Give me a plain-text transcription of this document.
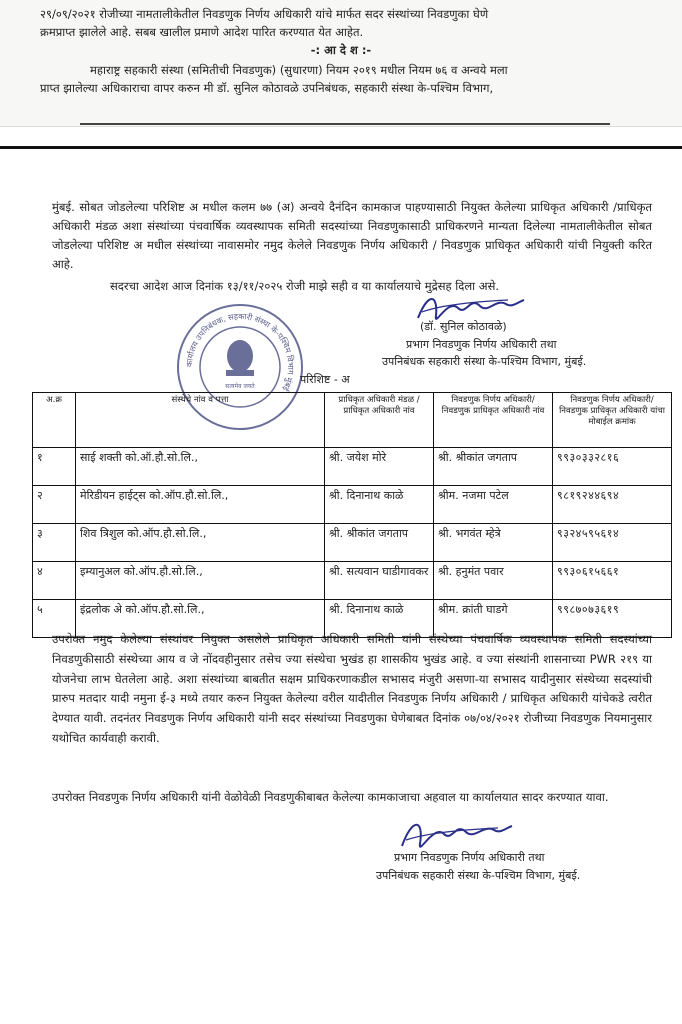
२९/०९/२०२१ रोजीच्या नामतालीकेतील निवडणुक निर्णय अधिकारी यांचे मार्फत सदर संस्थांच्या निवडणुका घेणे

क्रमप्राप्त झालेले आहे. सबब खालील प्रमाणे आदेश पारित करण्यात येत आहेत.

-: आ दे श :-

महाराष्ट्र सहकारी संस्था (समितीची निवडणुक) (सुधारणा) नियम २०१९ मधील नियम ७६ व अन्वये मला

प्राप्त झालेल्या अधिकाराचा वापर करुन मी डॉ. सुनिल कोठावळे उपनिबंधक, सहकारी संस्था के-पश्चिम विभाग,

मुंबई. सोबत जोडलेल्या परिशिष्ट अ मधील कलम ७७ (अ) अन्वये दैनंदिन कामकाज पाहण्यासाठी नियुक्त केलेल्या प्राधिकृत अधिकारी /प्राधिकृत अधिकारी मंडळ अशा संस्थांच्या पंचवार्षिक व्यवस्थापक समिती सदस्यांच्या निवडणुकासाठी प्राधिकरणने मान्यता दिलेल्या नामतालीकेतील सोबत जोडलेल्या परिशिष्ट अ मधील संस्थांच्या नावासमोर नमुद केलेले निवडणुक निर्णय अधिकारी / निवडणुक प्राधिकृत अधिकारी यांची नियुक्ती करित आहे.

सदरचा आदेश आज दिनांक १३/११/२०२५ रोजी माझे सही व या कार्यालयाचे मुद्रेसह दिला असे.

कार्यालय उपनिबंधक, सहकारी संस्था के-पश्चिम विभाग मुंबई
सत्यमेव जयते
(डॉ. सुनिल कोठावळे)
प्रभाग निवडणुक निर्णय अधिकारी तथा
उपनिबंधक सहकारी संस्था के-पश्चिम विभाग, मुंबई.
परिशिष्ट - अ
अ.क्र	संस्थेचे नांव व पत्ता	प्राधिकृत अधिकारी मंडळ /प्राधिकृत अधिकारी नांव	निवडणुक निर्णय अधिकारी/निवडणुक प्राधिकृत अधिकारी नांव	निवडणुक निर्णय अधिकारी/ निवडणुक प्राधिकृत अधिकारी यांचा मोबाईल क्रमांक
१	साई शक्ती को.ऑ.हौ.सो.लि.,	श्री. जयेश मोरे	श्री. श्रीकांत जगताप	९९३०३३२८१६
२	मेरिडीयन हाईट्स को.ऑप.हौ.सो.लि.,	श्री. दिनानाथ काळे	श्रीम. नजमा पटेल	९८१९२४४६९४
३	शिव त्रिशुल को.ऑप.हौ.सो.लि.,	श्री. श्रीकांत जगताप	श्री. भगवंत म्हेत्रे	९३२४५९५६१४
४	इम्यानुअल को.ऑप.हौ.सो.लि.,	श्री. सत्यवान घाडीगावकर	श्री. हनुमंत पवार	९९३०६१५६६१
५	इंद्रलोक अे को.ऑप.हौ.सो.लि.,	श्री. दिनानाथ काळे	श्रीम. क्रांती घाडगे	९९८७०७३६१९

उपरोक्त नमुद केलेल्या संस्थांवर नियुक्त असलेले प्राधिकृत अधिकारी समिती यांनी संस्थेच्या पंचवार्षिक व्यवस्थापक समिती सदस्यांच्या निवडणुकीसाठी संस्थेच्या आय व जे नोंदवहीनुसार तसेच ज्या संस्थेचा भुखंड हा शासकीय भुखंड आहे. व ज्या संस्थांनी शासनाच्या PWR २१९ या योजनेचा लाभ घेतलेला आहे. अशा संस्थांच्या बाबतीत सक्षम प्राधिकरणाकडील सभासद मंजुरी असणा-या सभासद यादीनुसार संस्थेच्या सदस्यांची प्रारुप मतदार यादी नमुना ई-३ मध्ये तयार करुन नियुक्त केलेल्या वरील यादीतील निवडणुक निर्णय अधिकारी / प्राधिकृत अधिकारी यांचेकडे त्वरीत देण्यात यावी. तदनंतर निवडणुक निर्णय अधिकारी यांनी सदर संस्थांच्या निवडणुका घेणेबाबत दिनांक ०७/०४/२०२१ रोजीच्या निवडणुक नियमानुसार यथोचित कार्यवाही करावी.

उपरोक्त निवडणुक निर्णय अधिकारी यांनी वेळोवेळी निवडणुकीबाबत केलेल्या कामकाजाचा अहवाल या कार्यालयात सादर करण्यात यावा.

प्रभाग निवडणुक निर्णय अधिकारी तथा
उपनिबंधक सहकारी संस्था के-पश्चिम विभाग, मुंबई.
